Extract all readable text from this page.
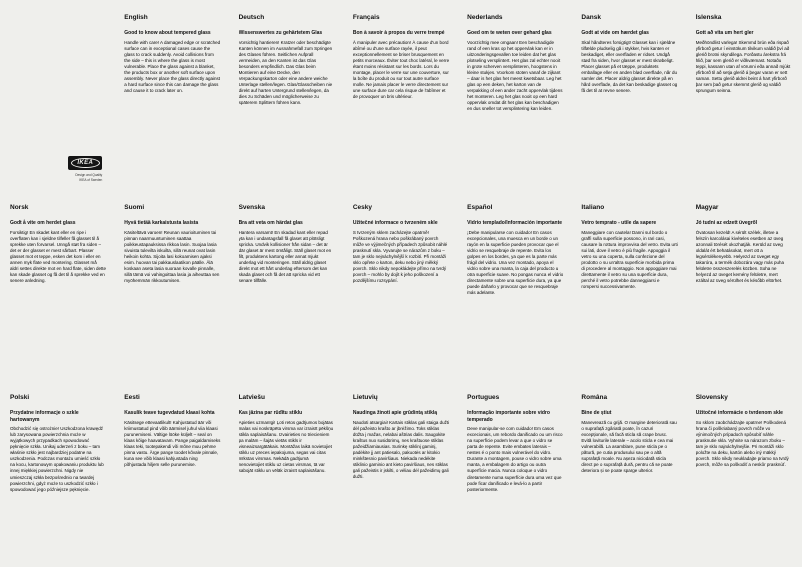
IKEA
Design and Quality
IKEA of Sweden
English
Good to know about tempered glass

Handle with care! A damaged edge or scratched surface can in exceptional cases cause the glass to crack suddenly. Avoid collisions from the side – this is where the glass is most vulnerable. Place the glass against a blanket, the products box or another soft surface upon assembly. Never place the glass directly against a hard surface since this can damage the glass and cause it to crack later on.

Deutsch
Wissenswertes zu gehärtetem Glas

Vorsichtig hantieren! Kratzer oder beschädigte Kanten können im Ausnahmefall zum Springen des Glases führen. Seitlichen Aufprall vermeiden, an den Kanten ist das Glas besonders empfindlich. Das Glas beim Montieren auf eine Decke, den Verpackungskarton oder eine andere weiche Unterlage stellen/legen. Glas/Glasscheiben nie direkt auf harten Untergrund stellen/legen, da dies zu Schäden und möglicherweise zu späterem Splittern führen kann.

Français
Bon à savoir à propos du verre trempé

À manipuler avec précaution! À cause d'un bord abîmé ou d'une surface rayée, il peut exceptionnellement se briser brusquement en petits morceaux. Éviter tout choc latéral, le verre étant moins résistant sur les bords. Lors du montage, placer le verre sur une couverture, sur la boîte du produit ou sur tout autre surface molle. Ne jamais placer le verre directement sur une surface dure car cela risque de l'abîmer et de provoquer un bris ultérieur.

Nederlands
Goed om te weten over gehard glas

Voorzichtig mee omgaan! Een beschadigde rand of een kras op het oppervlak kan er in uitzonderingsgevallen toe leiden dat het glas plotseling versplintert. Het glas zal echter nooit in grote scherven versplinteren, hoogstens in kleine stukjes. Voorkom stoten vanaf de zijkant – daar is het glas het meest kwetsbaar. Leg het glas op een deken, het karton van de verpakking of een ander zacht oppervlak tijdens het monteren. Leg het glas nooit op een hard oppervlak omdat dit het glas kan beschadigen en dus sneller tot versplintering kan leiden.

Dansk
Godt at vide om hærdet glas

Skal håndteres forsigtigt! Glasset kan i sjældne tilfælde pludselig gå i stykker, hvis kanten er beskadiget, eller overfladen er ridset. Undgå stød fra siden, hvor glasset er mest skrøbeligt. Placer glasset på et tæppe, produktets emballage eller en anden blød overflade, når du samler det. Placer aldrig glasset direkte på en hård overflade, da det kan beskadige glasset og få det til at revne senere.

Íslenska
Gott að vita um hert gler

Meðhöndlist varlega! Skemmd brún eða rispað yfirborð getur í einstökum tilvikum valdið því að glerið brotni skyndilega. Forðastu árekstra frá hlið, þar sem glerið er viðkvæmast. Notaðu teppi, kassann utan af vörunni eða annað mjúkt yfirborð til að setja glerið á þegar varan er sett saman. Settu glerið aldrei beint á hart yfirborð þar sem það getur skemmt glerið og valdið sprungum seinna.

Norsk
Godt å vite om herdet glass

Forsiktig! En skadet kant eller en ripe i overflaten kan i sjeldne tilfeller få glasset til å sprekke uten forvarsel. Unngå støt fra siden – det er der glasset er mest sårbart. Plasser glasset mot et teppe, esken det kom i eller en annen myk flate ved montering. Glasset må aldri settes direkte mot en hard flate, siden dette kan skade glasset og få det til å sprekke ved en senere anledning.

Suomi
Hyvä tietää karkaistusta lasista

Käsiteltävä varoen! Reunan vaurioituminen tai pinnan naarmuuntuminen saattaa poikkeustapauksissa rikkoa lasin. Suojaa lasia sivuista tulevilta iskuilta, sillä reunat ovat lasin heikoin kohta. Sijoita lasi kokoamisen ajaksi esim. huovan tai pakkauslaatikon päälle. Älä koskaan aseta lasia suoraan kovalle pinnalle, sillä tämä voi vahingoittaa lasia ja aiheuttaa sen myöhemmän rikkoutumisen.

Svenska
Bra att veta om härdat glas

Hantera varsamt! En skadad kant eller repad yta kan i undantagsfall få glaset att plötsligt spricka. Undvik kollisioner från sidan – det är där glaset är mest ömtåligt. Ställ glaset mot en filt, produktens kartong eller annat mjukt underlag vid monteringen. Ställ aldrig glaset direkt mot ett hårt underlag eftersom det kan skada glaset och få det att spricka vid ett senare tillfälle.

Česky
Užitečné informace o tvrzeném skle

S tvrzeným sklem zacházejte opatrně! Poškozená hrana nebo poškrábaný povrch může ve výjimečných případech způsobit náhlé prasknutí skla. Vyvarujte se nárazům z boku – tam je sklo nejnáchylnější k rozbití. Při montáži sklo opřete o karton, deku nebo jiný měkký povrch. Sklo nikdy nepokládejte přímo na tvrdý povrch – mohlo by dojít k jeho poškození a pozdějšímu rozsypání.

Español
Vidrio templado/Información importante

¡Debe manipularse con cuidado! En casos excepcionales, una muesca en un borde o un rayón en la superficie pueden provocar que el vidrio se resquebraje de repente. Evita los golpes en los bordes, ya que es la parte más frágil del vidrio. Una vez montado, apoya el vidrio sobre una manta, la caja del producto u otra superficie suave. No pongas nunca el vidrio directamente sobre una superficie dura, ya que puede dañarlo y provocar que se resquebraje más adelante.

Italiano
Vetro temprato - utile da sapere

Maneggiare con cautela! Danni sul bordo o graffi sulla superficie possono, in rari casi, causare la rottura improvvisa del vetro. Evita urti sui lati, dove il vetro è più fragile. Appoggia il vetro su una coperta, sulla confezione del prodotto o su un'altra superficie morbida prima di procedere al montaggio. Non appoggiare mai direttamente il vetro su una superficie dura, perché il vetro potrebbe danneggiarsi e rompersi successivamente.

Magyar
Jó tudni az edzett üvegről

Óvatosan kezeld! A sérült szélek, illetve a felszín karcolásai kivételes esetben az üveg azonnali törését okozhatják. Kerüld az üveg oldalát ért behatásokat, mert ott a legsérülékenyebb. Helyezd az üveget egy takaróra, a termék dobozára vagy más puha felületre összeszerelés közben. Soha ne helyezd az üveget kemény felületre, mert ezáltal az üveg sérülhet és később eltörhet.

Polski
Przydatne informacje o szkle hartowanym

Obchodzić się ostrożnie! Uszkodzona krawędź lub zarysowana powierzchnia może w wyjątkowych przypadkach spowodować pęknięcie szkła. Unikaj uderzeń z boku – tam właśnie szkło jest najbardziej podatne na uszkodzenia. Podczas montażu umieść szkło na kocu, kartonowym opakowaniu produktu lub innej miękkiej powierzchni. Nigdy nie umieszczaj szkła bezpośrednio na twardej powierzchni, gdyż może to uszkodzić szkło i spowodować jego późniejsze pęknięcie.

Eesti
Kasulik teave tugevdatud klaasi kohta

Käsitsege ettevaatlikult! Kahjustatud äär või kriimustatud pind võib äärmisel juhul viia klaasi purunemiseni. Vältige lööke küljelt – seal on klaas kõige haavatavam. Pange paigaldamiseks klaas teki, tootepakendi või mõne muu pehme pinna vastu. Ärge pange toodet kõvale pinnale, kuna see võib klaasi kahjustada ning põhjustada hiljem selle purunemise.

Latviešu
Kas jāzina par rūdītu stiklu

Apieties uzmanīgi! Ļoti retos gadījumos bojātas malas vai noskrāpēta virsma var izraisīt pēkšņu stikla saplaisāšanu. Izvairieties no triecieniem pa malām – šajās vietās stikls ir visneaizsargātākais. Montāžas laikā novietojiet stiklu uz preces iepakojuma, segas vai citas mīkstas virsmas. Nekādā gadījumā nenovietojiet stiklu uz cietas virsmas, tā var sabojāt stiklu un vēlāk izraisīt saplaisāšanu.

Lietuvių
Naudinga žinoti apie grūdintą stiklą

Naudoti atsargiai! Kartais stiklas gali staiga dužti dėl pažeisto krašto ar įbrėžimo. Toks stiklas dūžta į mažas, nelabai aštrias dalis. Saugokite kraštus nuo susidūrimų, nes kraštuose stiklas pažeidžiamiausias. Surinkę stiklinį gaminį, padėkite jį ant patiesalo, pakuotės ar kitokio minkštesnio paviršiaus. Niekada nedėkite stiklinio gaminio ant kieto paviršiaus, nes stiklas gali pažeistis ir įskilti, o vėliau dėl pažeidimų gali dužti.

Portugues
Informação importante sobre vidro temperado

Deve manipular-se com cuidado! Em casos excecionais, um rebordo danificado ou um risco na superfície podem levar a que o vidro se parta de repente. Evite embates laterais – nestes é o ponto mais vulnerável do vidro. Durante a montagem, pouse o vidro sobre uma manta, a embalagem do artigo ou outra superfície macia. Nunca coloque o vidro diretamente numa superfície dura uma vez que pode ficar danificado e levá-lo a partir posteriormente.

Româna
Bine de știut

Manevrează cu grijă. O margine deteriorată sau o suprafață zgâriată poate, în cazuri excepționale, să facă sticla să crape brusc. Evită loviturile laterale – acolo sticla e cea mai vulnerabilă. La asamblare, pune sticla pe o pătură, pe cutia produsului sau pe o altă suprafață moale. Nu așeza niciodată sticla direct pe o suprafață dură, pentru că se poate deteriora și se poate sparge ulterior.

Slovensky
Užitočné informácie o tvrdenom skle

So sklom zaobchádzajte opatrne! Poškodená hrana či poškriabaný povrch môže vo výnimočných prípadoch spôsobiť náhle prasknutie skla. Vyhnite sa nárazom zboku – tam je sklo najnáchylnejšie. Pri montáži sklo položte na deku, kartón alebo iný mäkký povrch. Sklo nikdy neukladajte priamo na tvrdý povrch, môže sa poškodiť a neskôr prasknúť.
